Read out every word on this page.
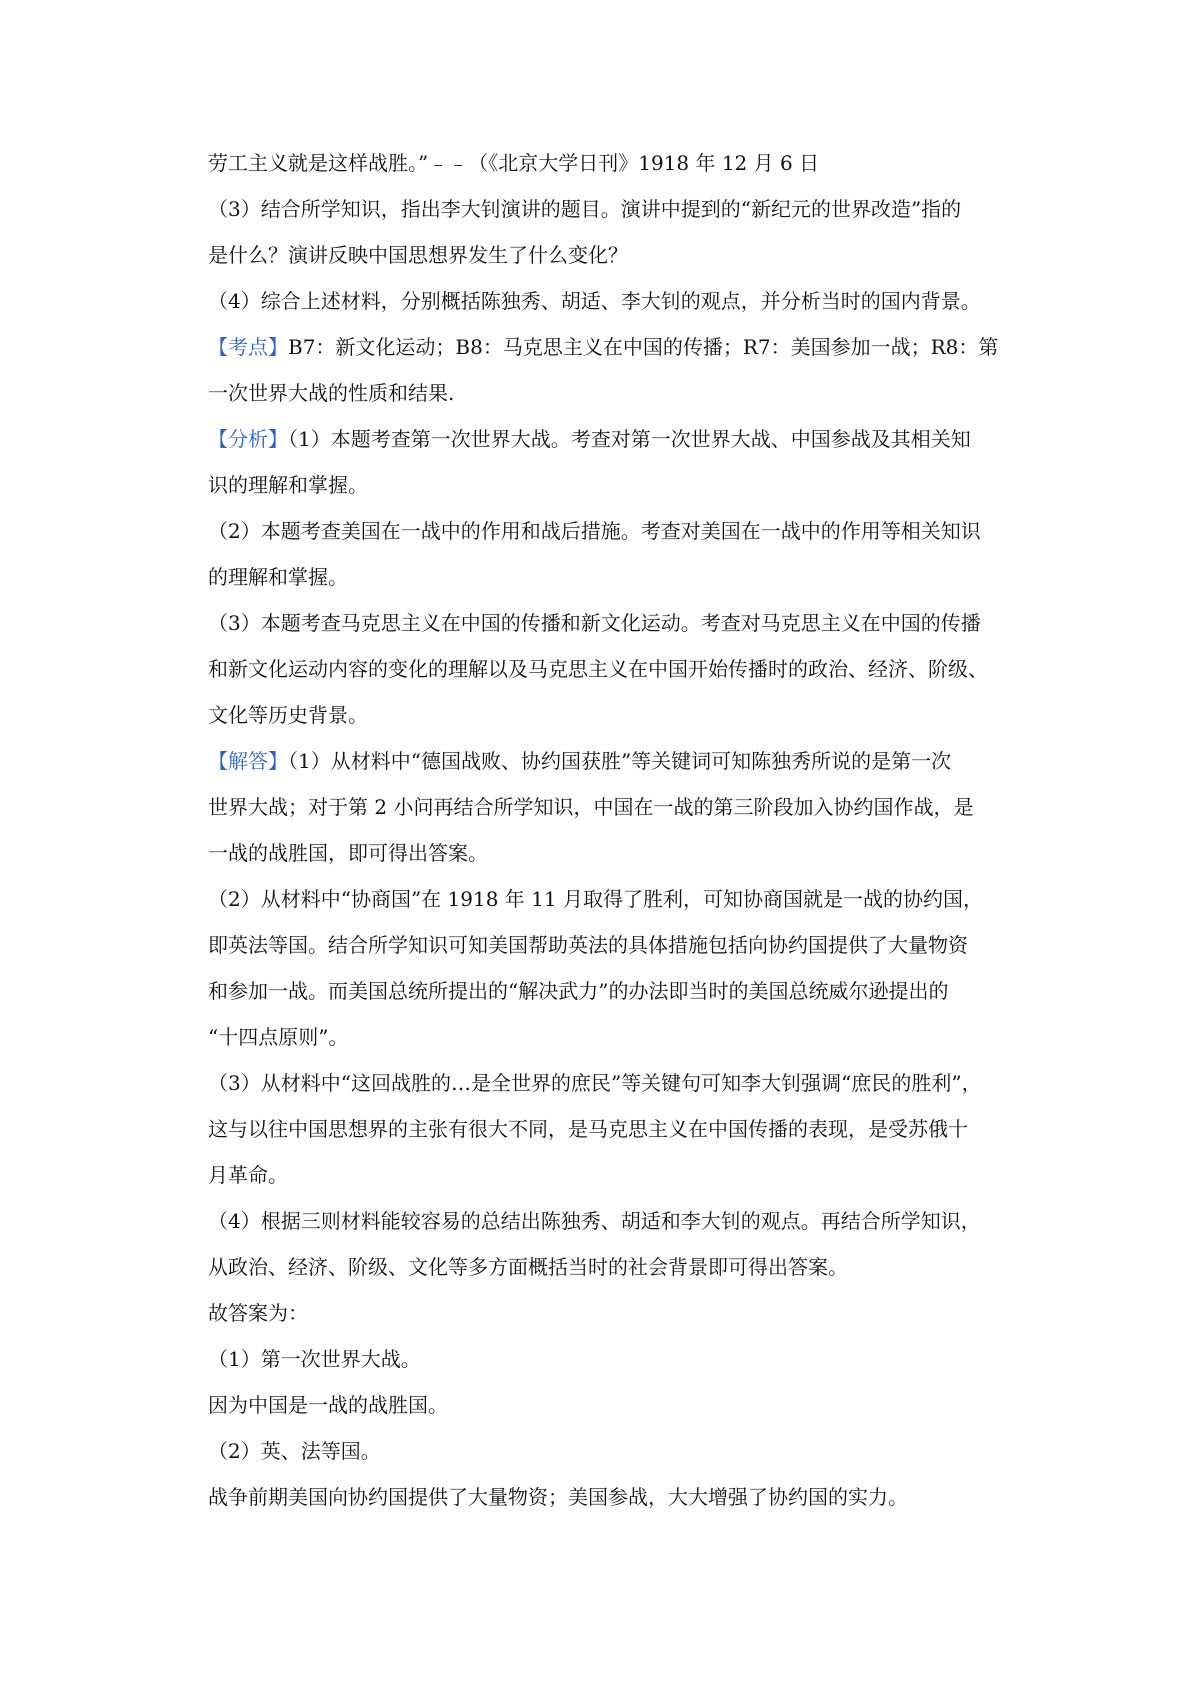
劳工主义就是这样战胜。”﹣﹣（《北京大学日刊》1918 年 12 月 6 日

（3）结合所学知识，指出李大钊演讲的题目。演讲中提到的“新纪元的世界改造”指的

是什么？演讲反映中国思想界发生了什么变化？

（4）综合上述材料，分别概括陈独秀、胡适、李大钊的观点，并分析当时的国内背景。

【考点】B7：新文化运动；B8：马克思主义在中国的传播；R7：美国参加一战；R8：第

一次世界大战的性质和结果.

【分析】（1）本题考查第一次世界大战。考查对第一次世界大战、中国参战及其相关知

识的理解和掌握。

（2）本题考查美国在一战中的作用和战后措施。考查对美国在一战中的作用等相关知识

的理解和掌握。

（3）本题考查马克思主义在中国的传播和新文化运动。考查对马克思主义在中国的传播

和新文化运动内容的变化的理解以及马克思主义在中国开始传播时的政治、经济、阶级、

文化等历史背景。

【解答】（1）从材料中“德国战败、协约国获胜”等关键词可知陈独秀所说的是第一次

世界大战；对于第 2 小问再结合所学知识，中国在一战的第三阶段加入协约国作战，是

一战的战胜国，即可得出答案。

（2）从材料中“协商国”在 1918 年 11 月取得了胜利，可知协商国就是一战的协约国，

即英法等国。结合所学知识可知美国帮助英法的具体措施包括向协约国提供了大量物资

和参加一战。而美国总统所提出的“解决武力”的办法即当时的美国总统威尔逊提出的

“十四点原则”。

（3）从材料中“这回战胜的…是全世界的庶民”等关键句可知李大钊强调“庶民的胜利”，

这与以往中国思想界的主张有很大不同，是马克思主义在中国传播的表现，是受苏俄十

月革命。

（4）根据三则材料能较容易的总结出陈独秀、胡适和李大钊的观点。再结合所学知识，

从政治、经济、阶级、文化等多方面概括当时的社会背景即可得出答案。

故答案为：

（1）第一次世界大战。

因为中国是一战的战胜国。

（2）英、法等国。

战争前期美国向协约国提供了大量物资；美国参战，大大增强了协约国的实力。
